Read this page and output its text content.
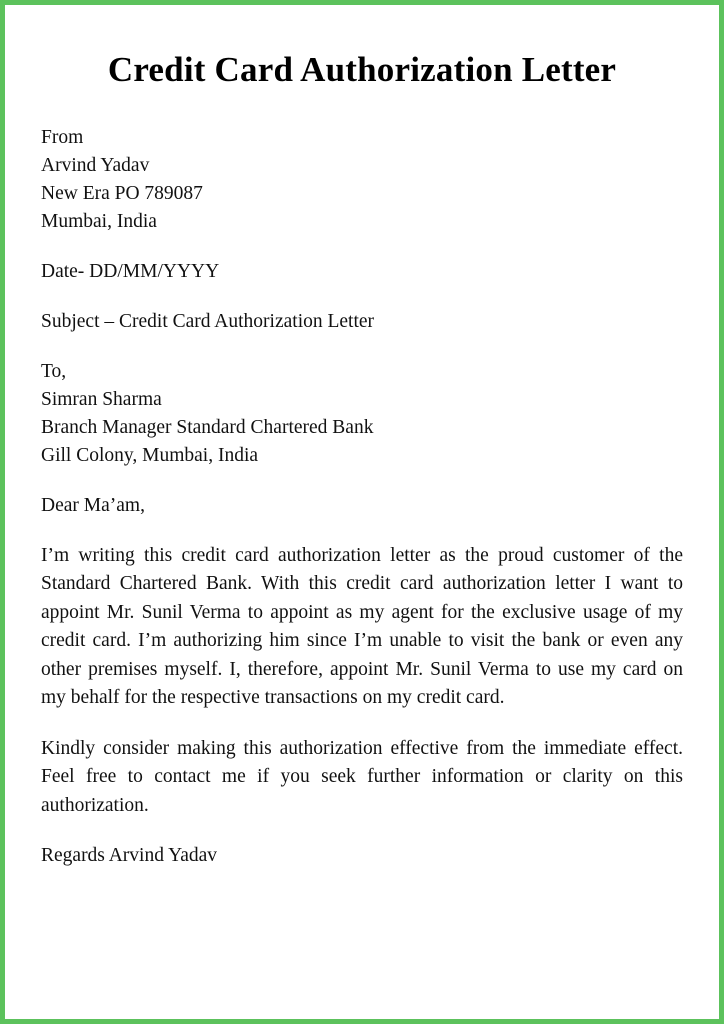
Credit Card Authorization Letter
From
Arvind Yadav
New Era PO 789087
Mumbai, India
Date- DD/MM/YYYY
Subject – Credit Card Authorization Letter
To,
Simran Sharma
Branch Manager Standard Chartered Bank
Gill Colony, Mumbai, India
Dear Ma’am,

I’m writing this credit card authorization letter as the proud customer of the Standard Chartered Bank. With this credit card authorization letter I want to appoint Mr. Sunil Verma to appoint as my agent for the exclusive usage of my credit card. I’m authorizing him since I’m unable to visit the bank or even any other premises myself. I, therefore, appoint Mr. Sunil Verma to use my card on my behalf for the respective transactions on my credit card.

Kindly consider making this authorization effective from the immediate effect. Feel free to contact me if you seek further information or clarity on this authorization.

Regards Arvind Yadav
